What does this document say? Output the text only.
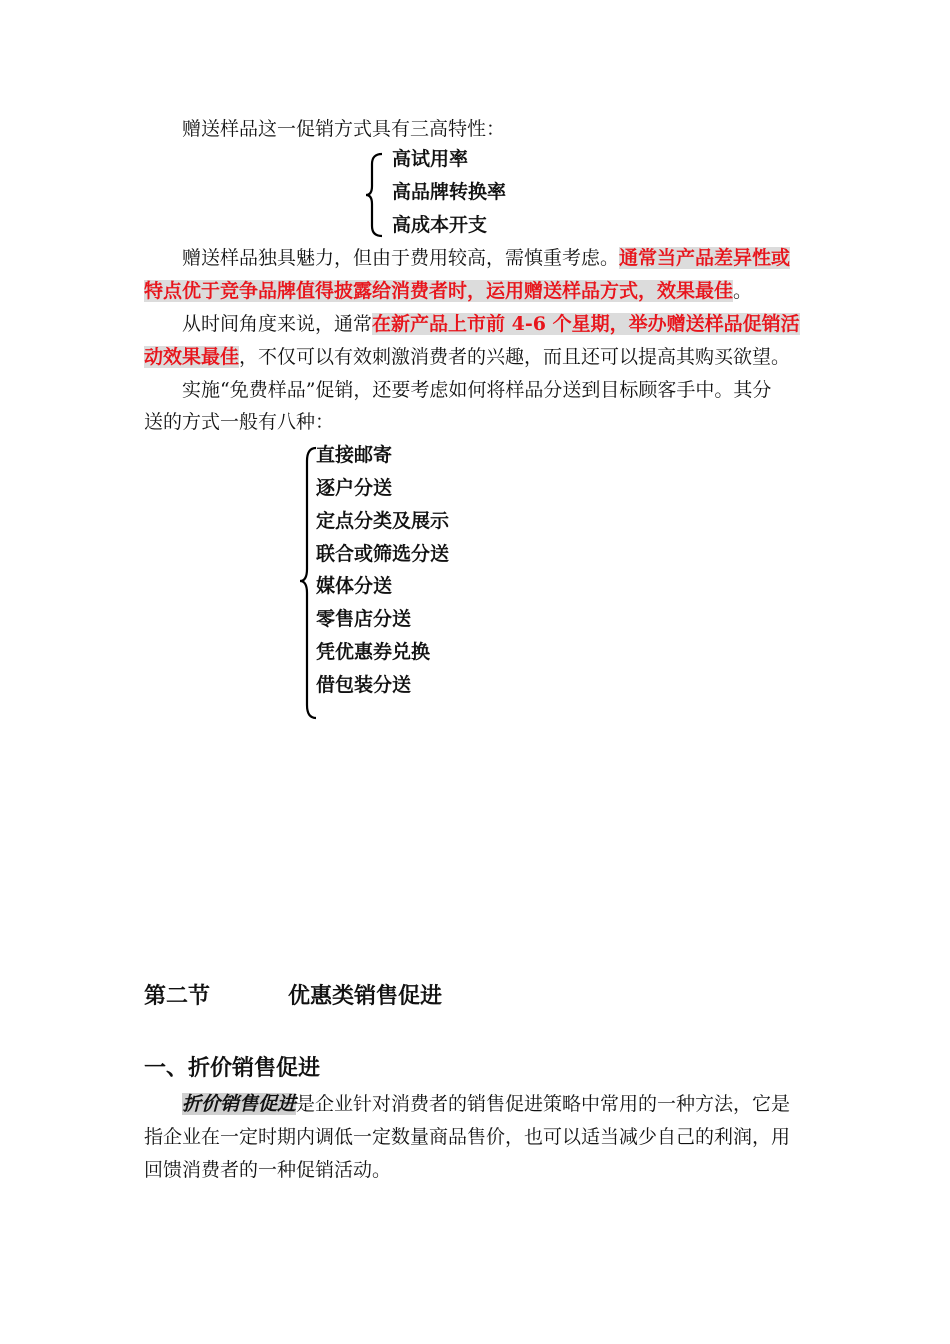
赠送样品这一促销方式具有三高特性：
高试用率
高品牌转换率
高成本开支
赠送样品独具魅力，但由于费用较高，需慎重考虑。通常当产品差异性或
特点优于竞争品牌值得披露给消费者时，运用赠送样品方式，效果最佳。
从时间角度来说，通常在新产品上市前 4-6 个星期，举办赠送样品促销活
动效果最佳，不仅可以有效刺激消费者的兴趣，而且还可以提高其购买欲望。
实施“免费样品”促销，还要考虑如何将样品分送到目标顾客手中。其分
送的方式一般有八种：
直接邮寄
逐户分送
定点分类及展示
联合或筛选分送
媒体分送
零售店分送
凭优惠券兑换
借包装分送
第二节	优惠类销售促进
一、折价销售促进
折价销售促进是企业针对消费者的销售促进策略中常用的一种方法，它是
指企业在一定时期内调低一定数量商品售价，也可以适当减少自己的利润，用
回馈消费者的一种促销活动。
